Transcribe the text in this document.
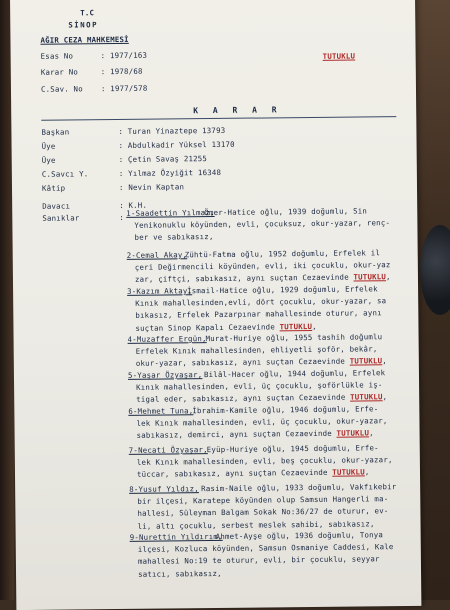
T.C
SİNOP
AĞIR CEZA MAHKEMESİ
TUTUKLU
Esas No	: 1977/163
Karar No	: 1978/68
C.Sav. No : 1977/578
K A R A R
Başkan	: Turan Yinaztepe 13793
Üye	: Abdulkadir Yüksel 13170
Üye	: Çetin Savaş 21255
C.Savcı Y.	: Yılmaz Özyiğit 16348
Kâtip	: Nevin Kaptan
Davacı	: K.H.
Sanıklar	: 1-Saadettin Yılmaz,
Ömer-Hatice oğlu, 1939 doğumlu, Sin
Yenikonuklu köyünden, evli, çocuksuz, okur-yazar, renç-
ber ve sabıkasız,
2-Cemal Akay,
Zühtü-Fatma oğlu, 1952 doğumlu, Erfelek il
çeri Değirmencili köyünden, evli, iki çocuklu, okur-yaz
zar, çiftçi, sabıkasız, aynı suçtan Cezaevinde TUTUKLU,
3-Kazım Aktay,
İsmail-Hatice oğlu, 1929 doğumlu, Erfelek
Kınık mahallesinden,evli, dört çocuklu, okur-yazar, sa
bıkasız, Erfelek Pazarpınar mahallesinde oturur, aynı
suçtan Sinop Kapalı Cezaevinde TUTUKLU,
4-Muzaffer Ergün,
Murat-Huriye oğlu, 1955 tashih doğumlu
Erfelek Kınık mahallesinden, ehliyetli şoför, bekâr,
okur-yazar, sabıkasız, aynı suçtan Cezaevinde TUTUKLU,
5-Yaşar Özyaşar, Bilâl-Hacer oğlu, 1944 doğumlu, Erfelek
Kınık mahallesinden, evli, üç çocuklu, şoförlükle iş-
tigal eder, sabıkasız, aynı suçtan Cezaevinde TUTUKLU,
6-Mehmet Tuna,
İbrahim-Kamile oğlu, 1946 doğumlu, Erfe-
lek Kınık mahallesinden, evli, üç çocuklu, okur-yazar,
sabıkasız, demirci, aynı suçtan Cezaevinde TUTUKLU,
7-Necati Özyaşar,
Eyüp-Huriye oğlu, 1945 doğumlu, Erfe-
lek Kınık mahallesinden, evli, beş çocuklu, okur-yazar,
tüccar, sabıkasız, aynı suçtan Cezaevinde TUTUKLU,
8-Yusuf Yıldız, Rasim-Naile oğlu, 1933 doğumlu, Vakfıkebir
bir ilçesi, Karatepe köyünden olup Samsun Hangerli ma-
hallesi, Süleyman Balgam Sokak No:36/27 de oturur, ev-
li, altı çocuklu, serbest meslek sahibi, sabıkasız,
9-Nurettin Yıldırım,
Ahmet-Ayşe oğlu, 1936 doğumlu, Tonya
ilçesi, Kozluca köyünden, Samsun Osmaniye Caddesi, Kale
mahallesi No:19 te oturur, evli, bir çocuklu, seyyar
satıcı, sabıkasız,
